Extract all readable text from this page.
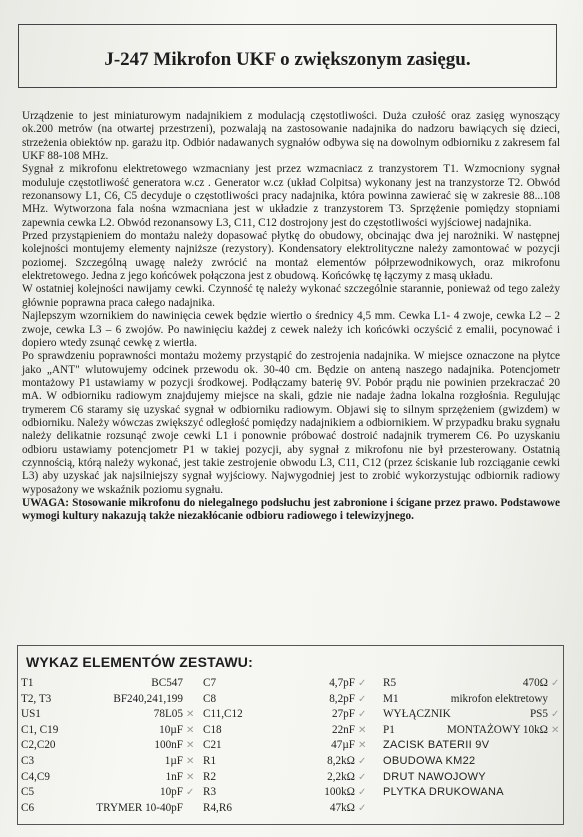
J-247 Mikrofon UKF o zwiększonym zasięgu.

Urządzenie to jest miniaturowym nadajnikiem z modulacją częstotliwości. Duża czułość oraz zasięg wynoszący ok.200 metrów (na otwartej przestrzeni), pozwalają na zastosowanie nadajnika do nadzoru bawiących się dzieci, strzeżenia obiektów np. garażu itp. Odbiór nadawanych sygnałów odbywa się na dowolnym odbiorniku z zakresem fal UKF 88-108 MHz.

Sygnał z mikrofonu elektretowego wzmacniany jest przez wzmacniacz z tranzystorem T1. Wzmocniony sygnał moduluje częstotliwość generatora w.cz . Generator w.cz (układ Colpitsa) wykonany jest na tranzystorze T2. Obwód rezonansowy L1, C6, C5 decyduje o częstotliwości pracy nadajnika, która powinna zawierać się w zakresie 88...108 MHz. Wytworzona fala nośna wzmacniana jest w układzie z tranzystorem T3. Sprzężenie pomiędzy stopniami zapewnia cewka L2. Obwód rezonansowy L3, C11, C12 dostrojony jest do częstotliwości wyjściowej nadajnika.

Przed przystąpieniem do montażu należy dopasować płytkę do obudowy, obcinając dwa jej narożniki. W następnej kolejności montujemy elementy najniższe (rezystory). Kondensatory elektrolityczne należy zamontować w pozycji poziomej. Szczególną uwagę należy zwrócić na montaż elementów półprzewodnikowych, oraz mikrofonu elektretowego. Jedna z jego końcówek połączona jest z obudową. Końcówkę tę łączymy z masą układu.

W ostatniej kolejności nawijamy cewki. Czynność tę należy wykonać szczególnie starannie, ponieważ od tego zależy głównie poprawna praca całego nadajnika.

Najlepszym wzornikiem do nawinięcia cewek będzie wiertło o średnicy 4,5 mm. Cewka L1- 4 zwoje, cewka L2 – 2 zwoje, cewka L3 – 6 zwojów. Po nawinięciu każdej z cewek należy ich końcówki oczyścić z emalii, pocynować i dopiero wtedy zsunąć cewkę z wiertła.

Po sprawdzeniu poprawności montażu możemy przystąpić do zestrojenia nadajnika. W miejsce oznaczone na płytce jako „ANT" wlutowujemy odcinek przewodu ok. 30-40 cm. Będzie on anteną naszego nadajnika. Potencjometr montażowy P1 ustawiamy w pozycji środkowej. Podłączamy baterię 9V. Pobór prądu nie powinien przekraczać 20 mA. W odbiorniku radiowym znajdujemy miejsce na skali, gdzie nie nadaje żadna lokalna rozgłośnia. Regulując trymerem C6 staramy się uzyskać sygnał w odbiorniku radiowym. Objawi się to silnym sprzężeniem (gwizdem) w odbiorniku. Należy wówczas zwiększyć odległość pomiędzy nadajnikiem a odbiornikiem. W przypadku braku sygnału należy delikatnie rozsunąć zwoje cewki L1 i ponownie próbować dostroić nadajnik trymerem C6. Po uzyskaniu odbioru ustawiamy potencjometr P1 w takiej pozycji, aby sygnał z mikrofonu nie był przesterowany. Ostatnią czynnością, którą należy wykonać, jest takie zestrojenie obwodu L3, C11, C12 (przez ściskanie lub rozciąganie cewki L3) aby uzyskać jak najsilniejszy sygnał wyjściowy. Najwygodniej jest to zrobić wykorzystując odbiornik radiowy wyposażony we wskaźnik poziomu sygnału.

UWAGA: Stosowanie mikrofonu do nielegalnego podsłuchu jest zabronione i ścigane przez prawo. Podstawowe wymogi kultury nakazują także niezakłócanie odbioru radiowego i telewizyjnego.

WYKAZ ELEMENTÓW ZESTAWU:
T1	BC547
T2, T3	BF240,241,199
US1	78L05 ✕
C1, C19	10µF ✕
C2,C20	100nF ✕
C3	1µF ✕
C4,C9	1nF ✕
C5	10pF ✓
C6	TRYMER 10-40pF
C7	4,7pF ✓
C8	8,2pF ✓
C11,C12	27pF ✓
C18	22nF ✕
C21	47µF ✕
R1	8,2kΩ ✓
R2	2,2kΩ ✓
R3	100kΩ ✓
R4,R6	47kΩ ✓
R5	470Ω ✓
M1	mikrofon elektretowy
WYŁĄCZNIK	PS5 ✓
P1	MONTAŻOWY 10kΩ ✕
ZACISK BATERII 9V
OBUDOWA KM22
DRUT NAWOJOWY
PLYTKA DRUKOWANA
